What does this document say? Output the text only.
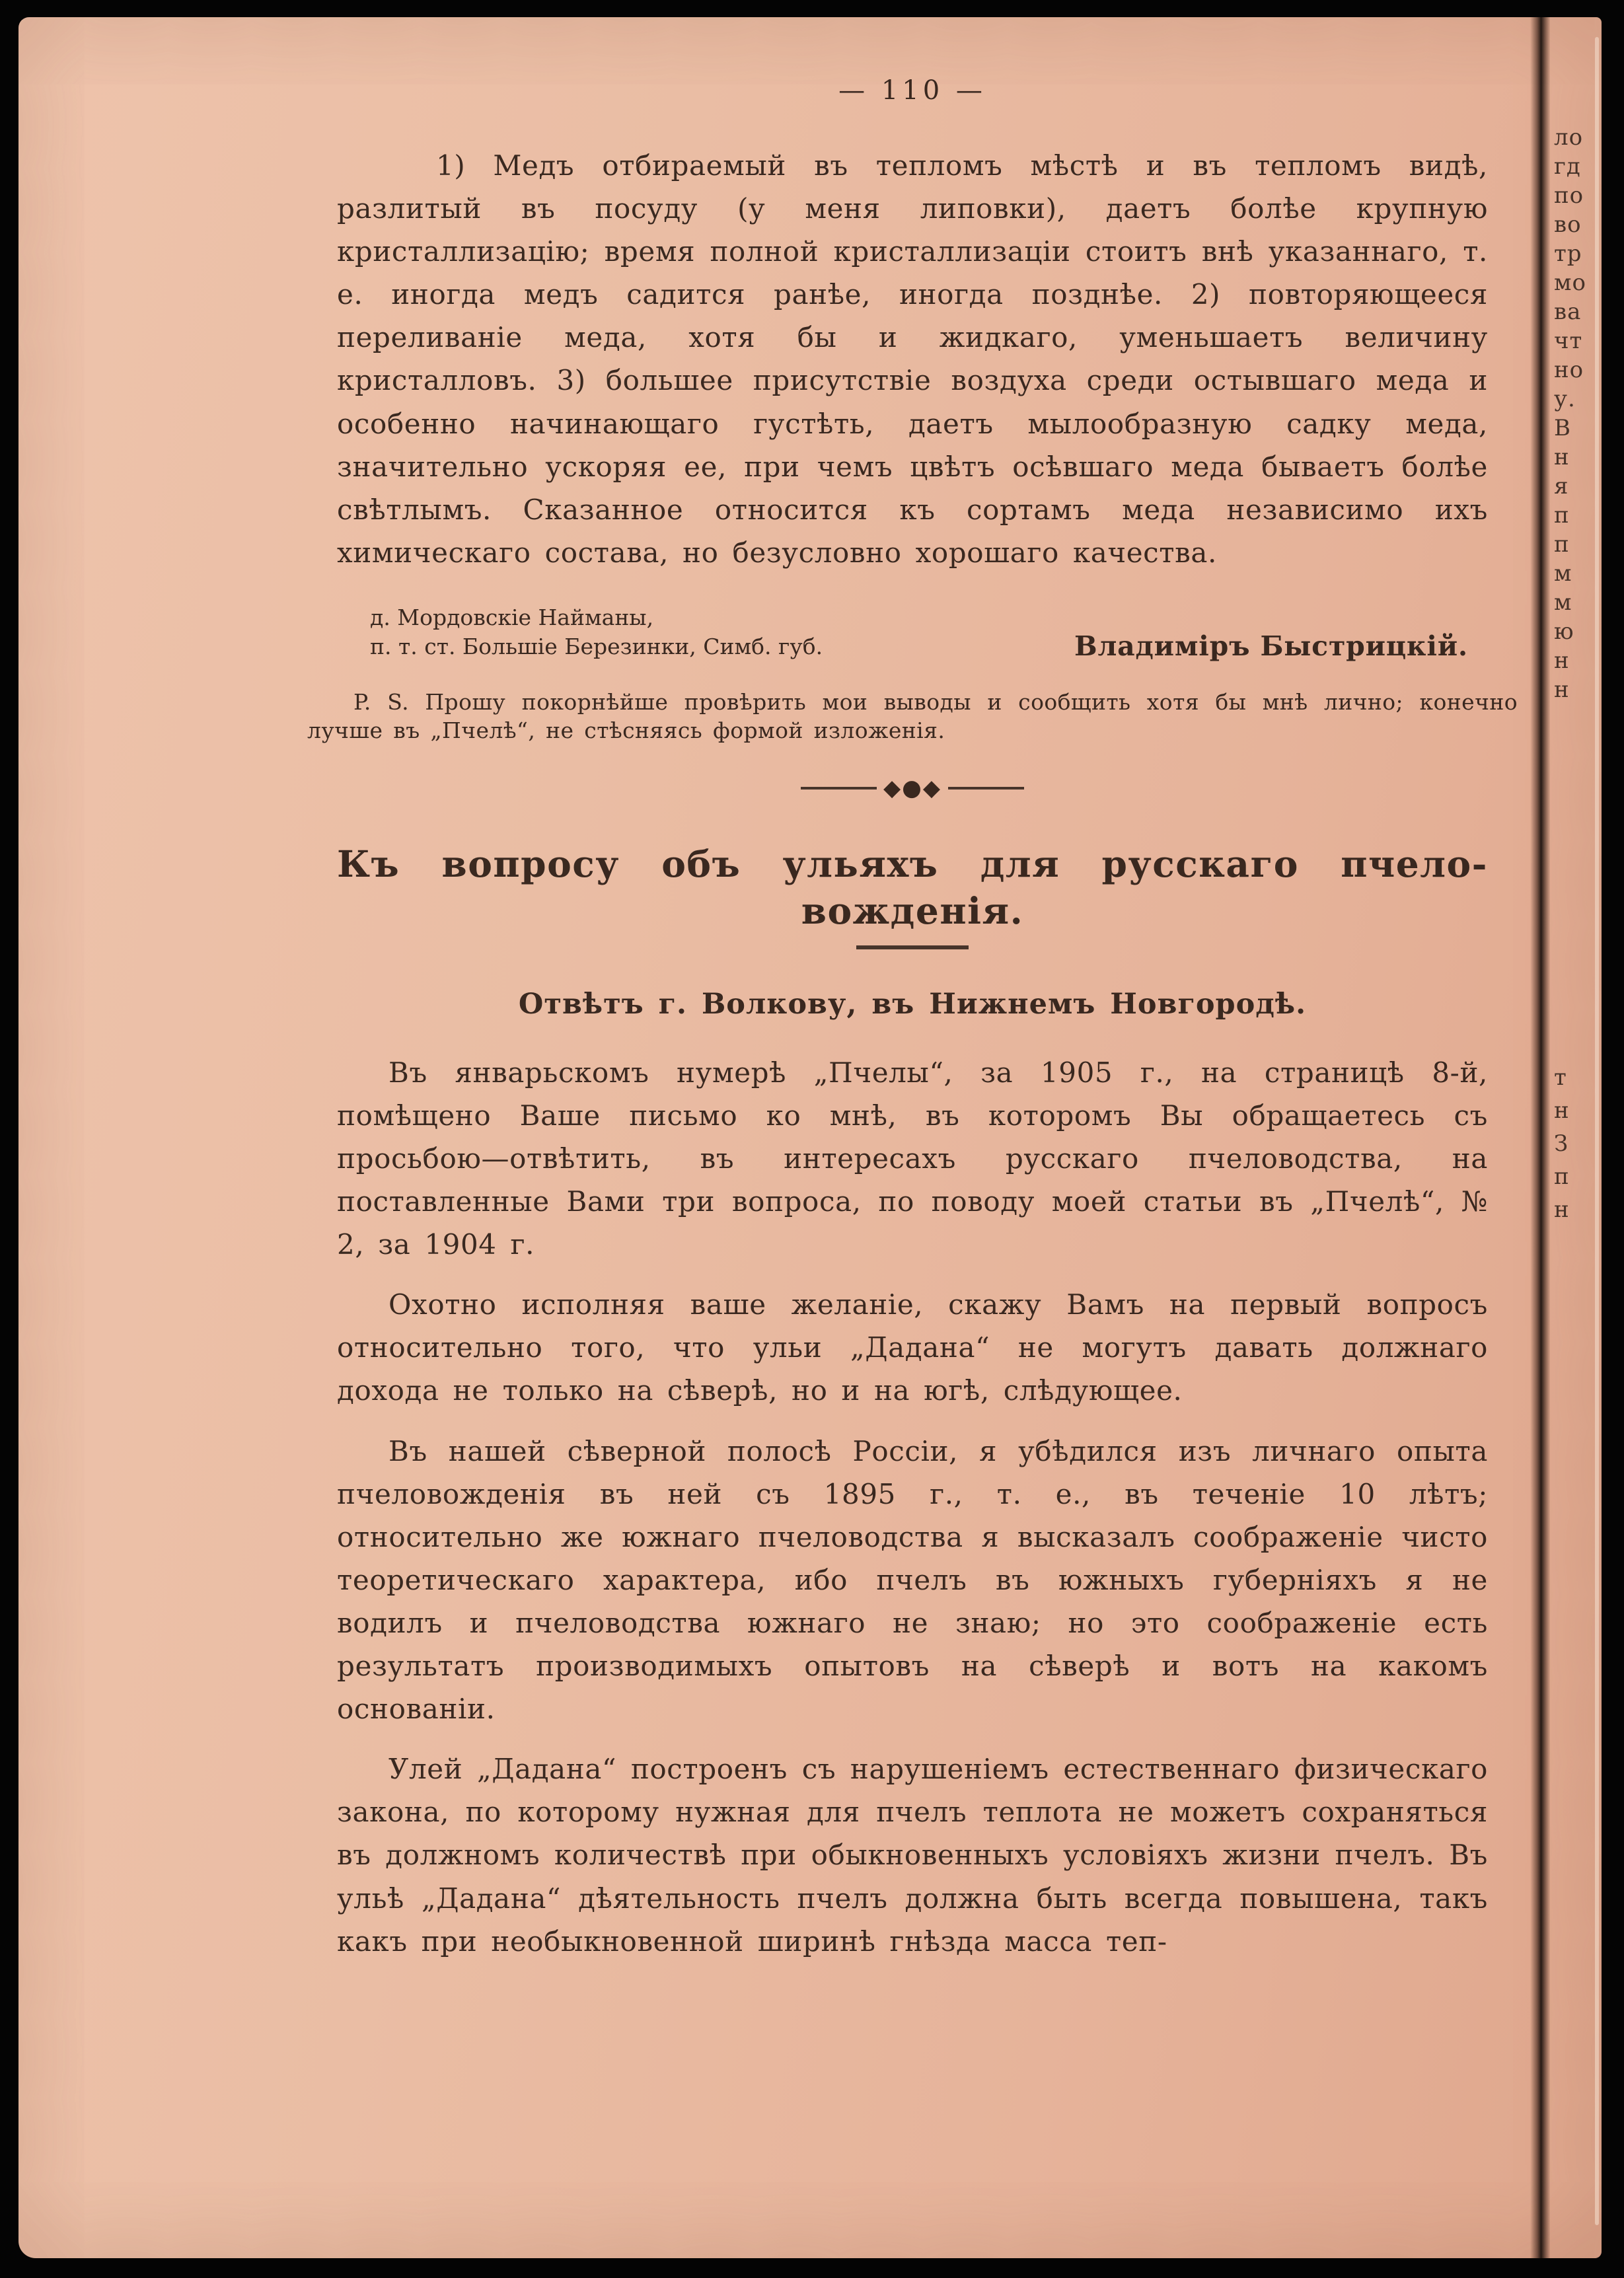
— 110 —

1) Медъ отбираемый въ тепломъ мѣстѣ и въ тепломъ видѣ, разлитый въ посуду (у меня липовки), даетъ болѣе крупную кристаллизацію; время полной кристаллизаціи стоитъ внѣ указаннаго, т. е. иногда медъ садится ранѣе, иногда позднѣе. 2) повторяющееся переливаніе меда, хотя бы и жидкаго, уменьшаетъ величину кристалловъ. 3) большее присутствіе воздуха среди остывшаго меда и особенно начинающаго густѣть, даетъ мылообразную садку меда, значительно ускоряя ее, при чемъ цвѣтъ осѣвшаго меда бываетъ болѣе свѣтлымъ. Сказанное относится къ сортамъ меда независимо ихъ химическаго состава, но безусловно хорошаго качества.

д. Мордовскіе Найманы,
п. т. ст. Большіе Березинки, Симб. губ.	Владиміръ Быстрицкій.

P. S. Прошу покорнѣйше провѣрить мои выводы и сообщить хотя бы мнѣ лично; конечно лучше въ „Пчелѣ“, не стѣсняясь формой изложенія.

◆●◆
Къ вопросу объ ульяхъ для русскаго пчело-
вожденія.
Отвѣтъ г. Волкову, въ Нижнемъ Новгородѣ.

Въ январьскомъ нумерѣ „Пчелы“, за 1905 г., на страницѣ 8-й, помѣщено Ваше письмо ко мнѣ, въ которомъ Вы обращаетесь съ просьбою—отвѣтить, въ интересахъ русскаго пчеловодства, на поставленные Вами три вопроса, по поводу моей статьи въ „Пчелѣ“, № 2, за 1904 г.

Охотно исполняя ваше желаніе, скажу Вамъ на первый вопросъ относительно того, что ульи „Дадана“ не могутъ давать должнаго дохода не только на сѣверѣ, но и на югѣ, слѣдующее.

Въ нашей сѣверной полосѣ Россіи, я убѣдился изъ личнаго опыта пчеловожденія въ ней съ 1895 г., т. е., въ теченіе 10 лѣтъ; относительно же южнаго пчеловодства я высказалъ соображеніе чисто теоретическаго характера, ибо пчелъ въ южныхъ губерніяхъ я не водилъ и пчеловодства южнаго не знаю; но это соображеніе есть результатъ производимыхъ опытовъ на сѣверѣ и вотъ на какомъ основаніи.

Улей „Дадана“ построенъ съ нарушеніемъ естественнаго физическаго закона, по которому нужная для пчелъ теплота не можетъ сохраняться въ должномъ количествѣ при обыкновенныхъ условіяхъ жизни пчелъ. Въ ульѣ „Дадана“ дѣятельность пчелъ должна быть всегда повышена, такъ какъ при необыкновенной ширинѣ гнѣзда масса теп-

ло
гд
по
во
тр
мо
ва
чт
но
у.
В
н
я
п
п
м
м
ю
н
н
т
н
З
п
н
